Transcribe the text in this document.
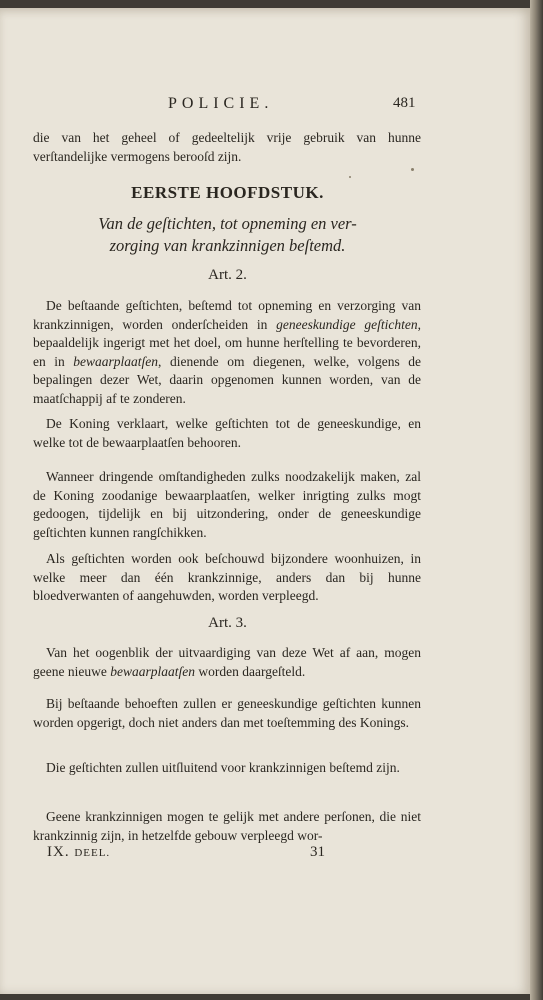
POLICIE.	481
die van het geheel of gedeeltelijk vrije gebruik van hunne verſtandelijke vermogens berooſd zijn.
EERSTE HOOFDSTUK.
Van de geſtichten, tot opneming en ver-
zorging van krankzinnigen beſtemd.
Art. 2.
De beſtaande geſtichten, beſtemd tot opneming en verzorging van krankzinnigen, worden onderſcheiden in geneeskundige geſtichten, bepaaldelijk ingerigt met het doel, om hunne herſtelling te bevorderen, en in bewaarplaatſen, dienende om diegenen, welke, volgens de bepalingen dezer Wet, daarin opgenomen kunnen worden, van de maatſchappij af te zonderen.
De Koning verklaart, welke geſtichten tot de geneeskundige, en welke tot de bewaarplaatſen behooren.
Wanneer dringende omſtandigheden zulks noodzakelijk maken, zal de Koning zoodanige bewaarplaatſen, welker inrigting zulks mogt gedoogen, tijdelijk en bij uitzondering, onder de geneeskundige geſtichten kunnen rangſchikken.
Als geſtichten worden ook beſchouwd bijzondere woonhuizen, in welke meer dan één krankzinnige, anders dan bij hunne bloedverwanten of aangehuwden, worden verpleegd.
Art. 3.
Van het oogenblik der uitvaardiging van deze Wet af aan, mogen geene nieuwe bewaarplaatſen worden daargeſteld.
Bij beſtaande behoeften zullen er geneeskundige geſtichten kunnen worden opgerigt, doch niet anders dan met toeſtemming des Konings.
Die geſtichten zullen uitſluitend voor krankzinnigen beſtemd zijn.
Geene krankzinnigen mogen te gelijk met andere perſonen, die niet krankzinnig zijn, in hetzelfde gebouw verpleegd wor-
IX. DEEL.	31
